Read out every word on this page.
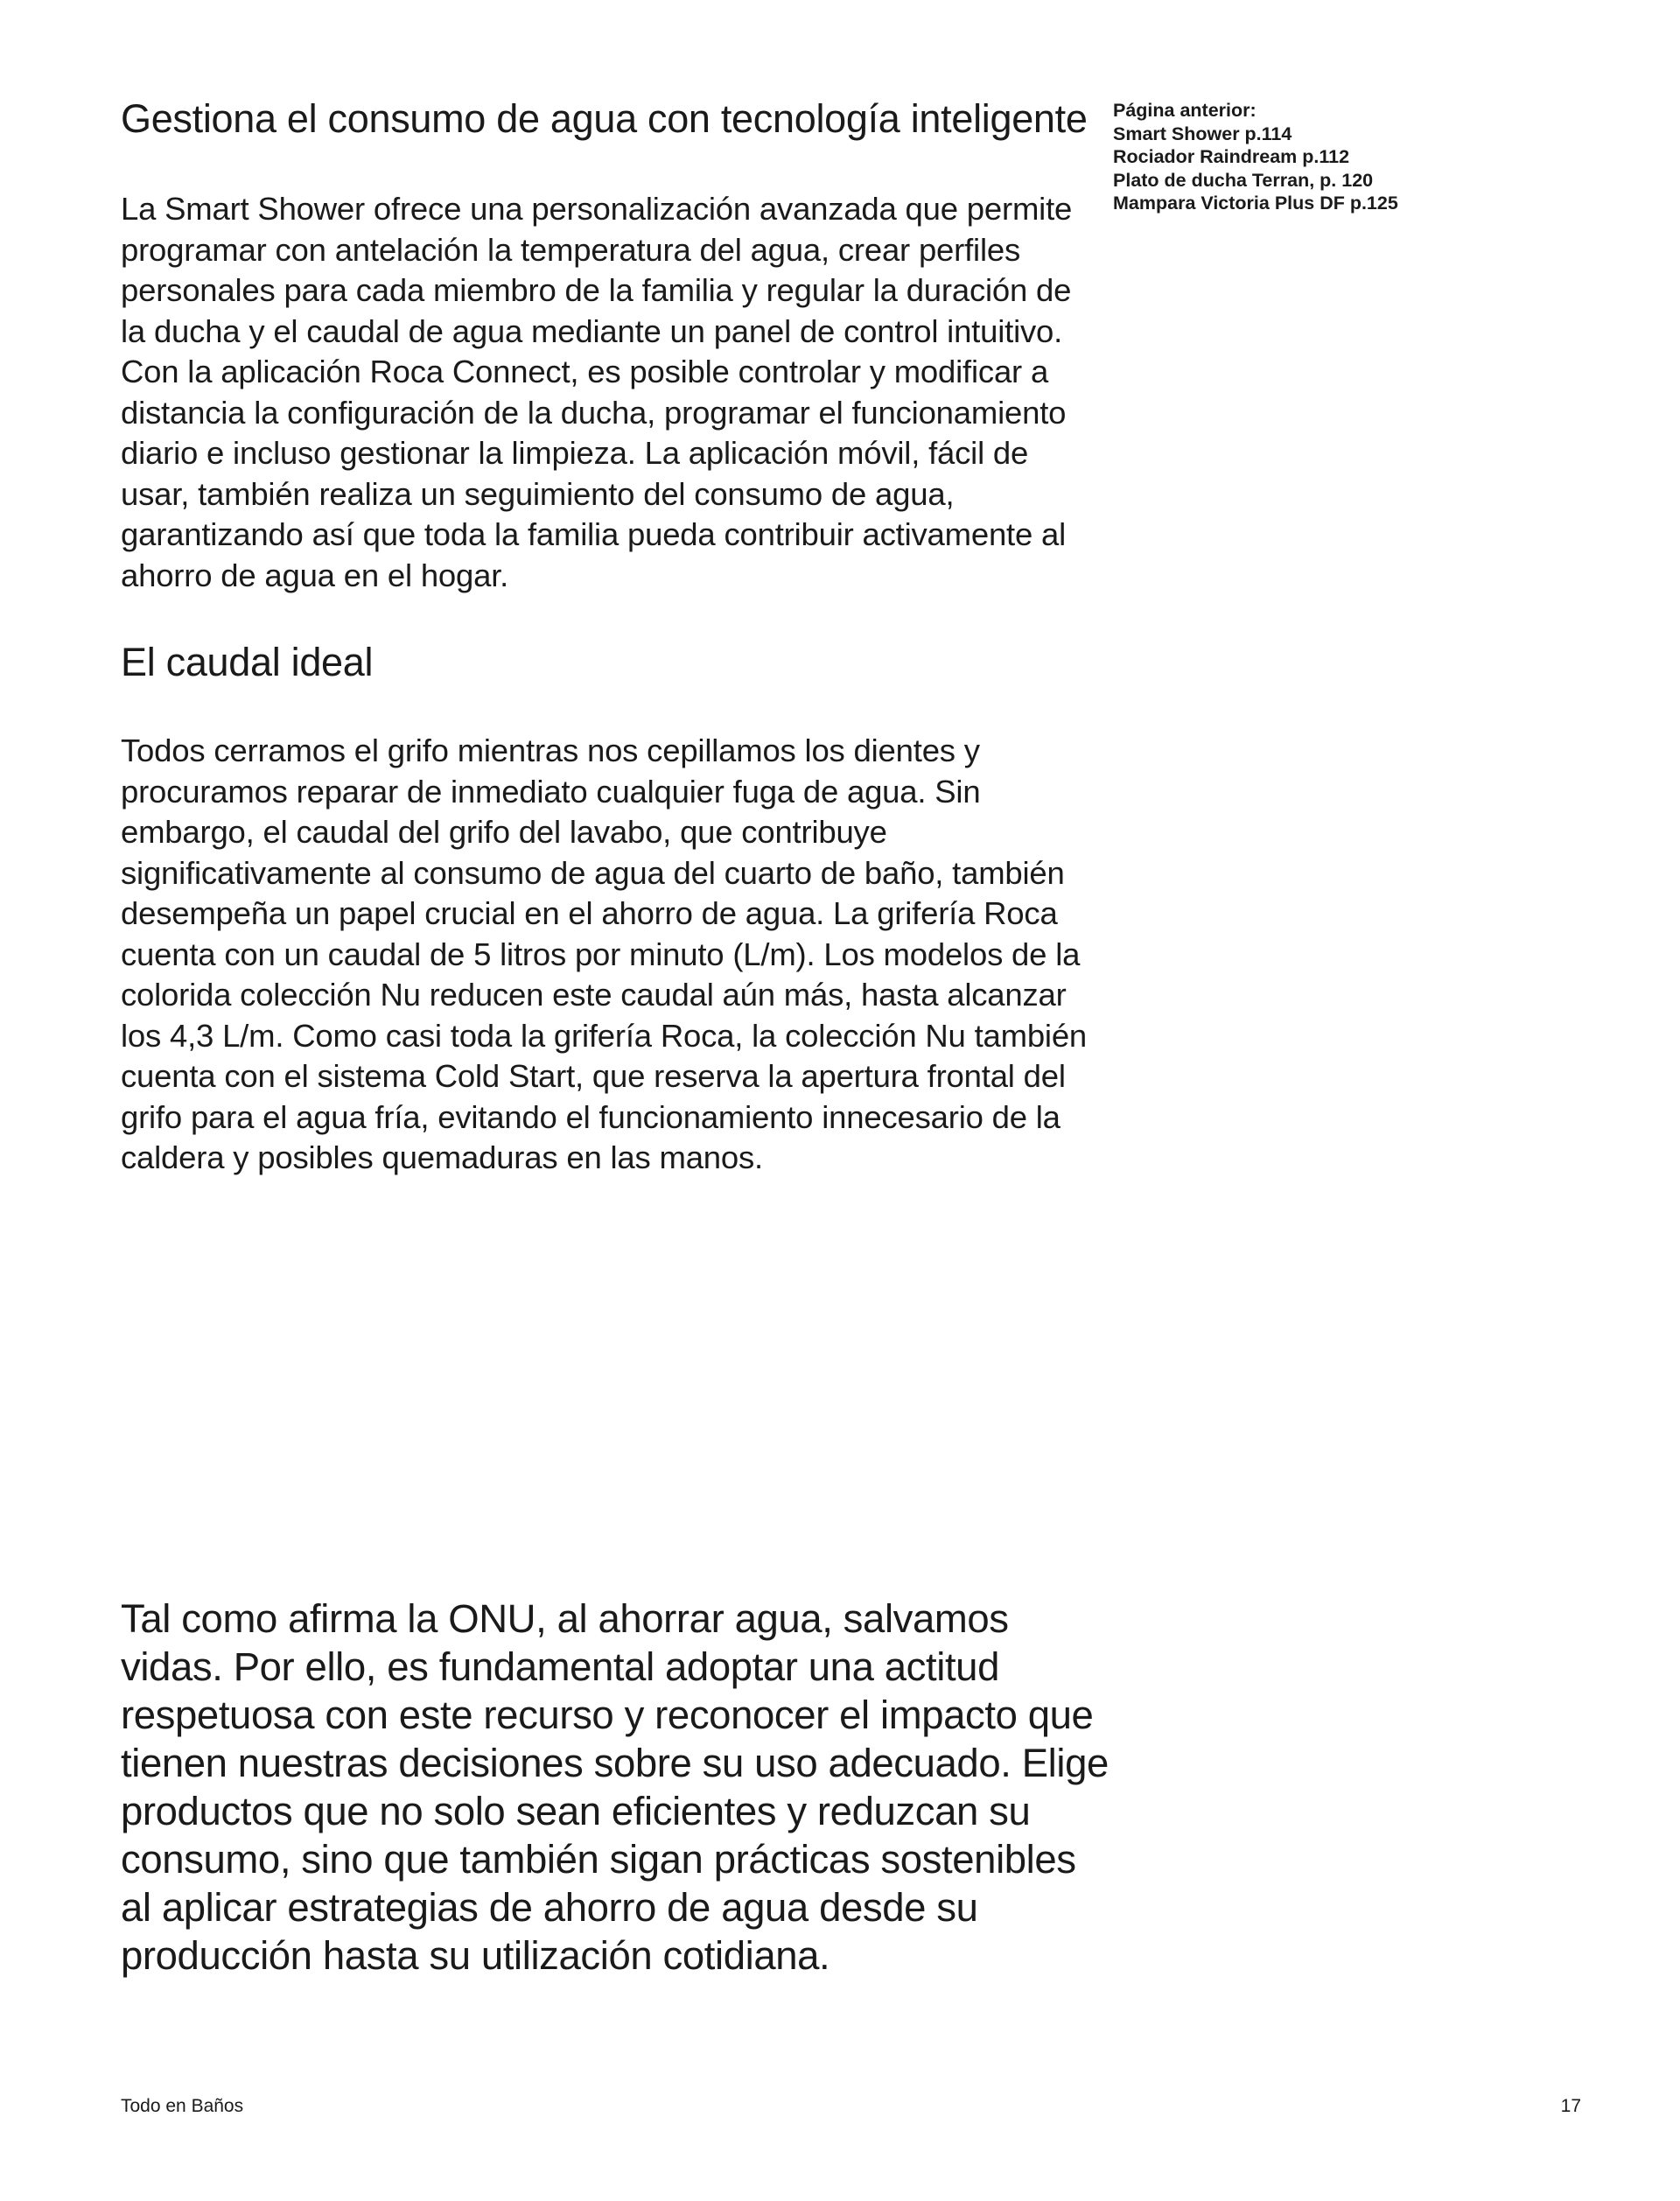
Gestiona el consumo de agua con tecnología inteligente

La Smart Shower ofrece una personalización avanzada que permite programar con antelación la temperatura del agua, crear perfiles personales para cada miembro de la familia y regular la duración de la ducha y el caudal de agua mediante un panel de control intuitivo. Con la aplicación Roca Connect, es posible controlar y modificar a distancia la configuración de la ducha, programar el funcionamiento diario e incluso gestionar la limpieza. La aplicación móvil, fácil de usar, también realiza un seguimiento del consumo de agua, garantizando así que toda la familia pueda contribuir activamente al ahorro de agua en el hogar.

El caudal ideal

Todos cerramos el grifo mientras nos cepillamos los dientes y procuramos reparar de inmediato cualquier fuga de agua. Sin embargo, el caudal del grifo del lavabo, que contribuye significativamente al consumo de agua del cuarto de baño, también desempeña un papel crucial en el ahorro de agua. La grifería Roca cuenta con un caudal de 5 litros por minuto (L/m). Los modelos de la colorida colección Nu reducen este caudal aún más, hasta alcanzar los 4,3 L/m. Como casi toda la grifería Roca, la colección Nu también cuenta con el sistema Cold Start, que reserva la apertura frontal del grifo para el agua fría, evitando el funcionamiento innecesario de la caldera y posibles quemaduras en las manos.

Página anterior:
Smart Shower p.114
Rociador Raindream p.112
Plato de ducha Terran, p. 120
Mampara Victoria Plus DF p.125

Tal como afirma la ONU, al ahorrar agua, salvamos vidas. Por ello, es fundamental adoptar una actitud respetuosa con este recurso y reconocer el impacto que tienen nuestras decisiones sobre su uso adecuado. Elige productos que no solo sean eficientes y reduzcan su consumo, sino que también sigan prácticas sostenibles al aplicar estrategias de ahorro de agua desde su producción hasta su utilización cotidiana.

Todo en Baños	17
